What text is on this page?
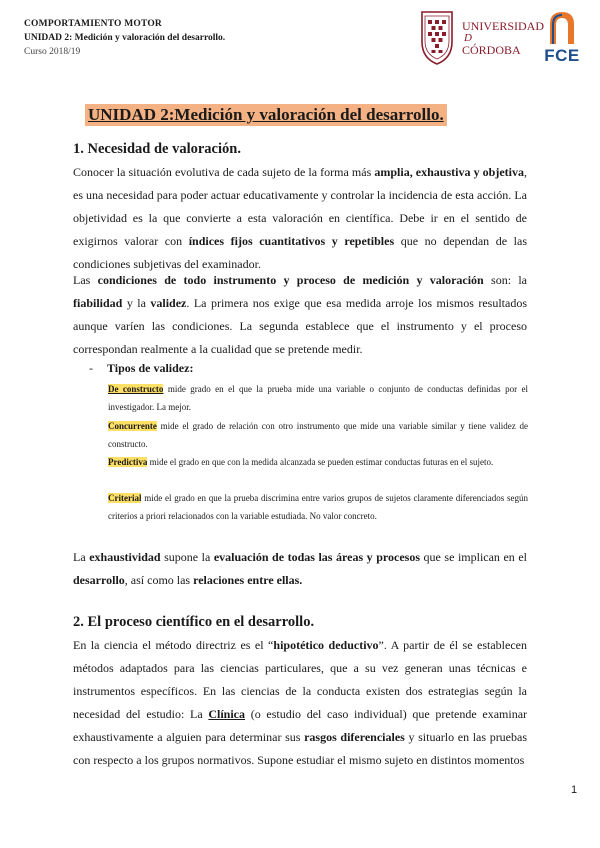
COMPORTAMIENTO MOTOR
UNIDAD 2: Medición y valoración del desarrollo.
Curso 2018/19
UNIVERSIDAD
D
CÓRDOBA	FCE
UNIDAD 2:Medición y valoración del desarrollo.
1. Necesidad de valoración.

Conocer la situación evolutiva de cada sujeto de la forma más amplia, exhaustiva y objetiva, es una necesidad para poder actuar educativamente y controlar la incidencia de esta acción. La objetividad es la que convierte a esta valoración en científica. Debe ir en el sentido de exigirnos valorar con índices fijos cuantitativos y repetibles que no dependan de las condiciones subjetivas del examinador.

Las condiciones de todo instrumento y proceso de medición y valoración son: la fiabilidad y la validez. La primera nos exige que esa medida arroje los mismos resultados aunque varíen las condiciones. La segunda establece que el instrumento y el proceso correspondan realmente a la cualidad que se pretende medir.

- Tipos de validez:

De constructo mide grado en el que la prueba mide una variable o conjunto de conductas definidas por el investigador. La mejor.

Concurrente mide el grado de relación con otro instrumento que mide una variable similar y tiene validez de constructo.

Predictiva mide el grado en que con la medida alcanzada se pueden estimar conductas futuras en el sujeto.

Criterial mide el grado en que la prueba discrimina entre varios grupos de sujetos claramente diferenciados según criterios a priori relacionados con la variable estudiada. No valor concreto.

La exhaustividad supone la evaluación de todas las áreas y procesos que se implican en el desarrollo, así como las relaciones entre ellas.

2. El proceso científico en el desarrollo.

En la ciencia el método directriz es el “hipotético deductivo”. A partir de él se establecen métodos adaptados para las ciencias particulares, que a su vez generan unas técnicas e instrumentos específicos. En las ciencias de la conducta existen dos estrategias según la necesidad del estudio: La Clínica (o estudio del caso individual) que pretende examinar exhaustivamente a alguien para determinar sus rasgos diferenciales y situarlo en las pruebas con respecto a los grupos normativos. Supone estudiar el mismo sujeto en distintos momentos

1
